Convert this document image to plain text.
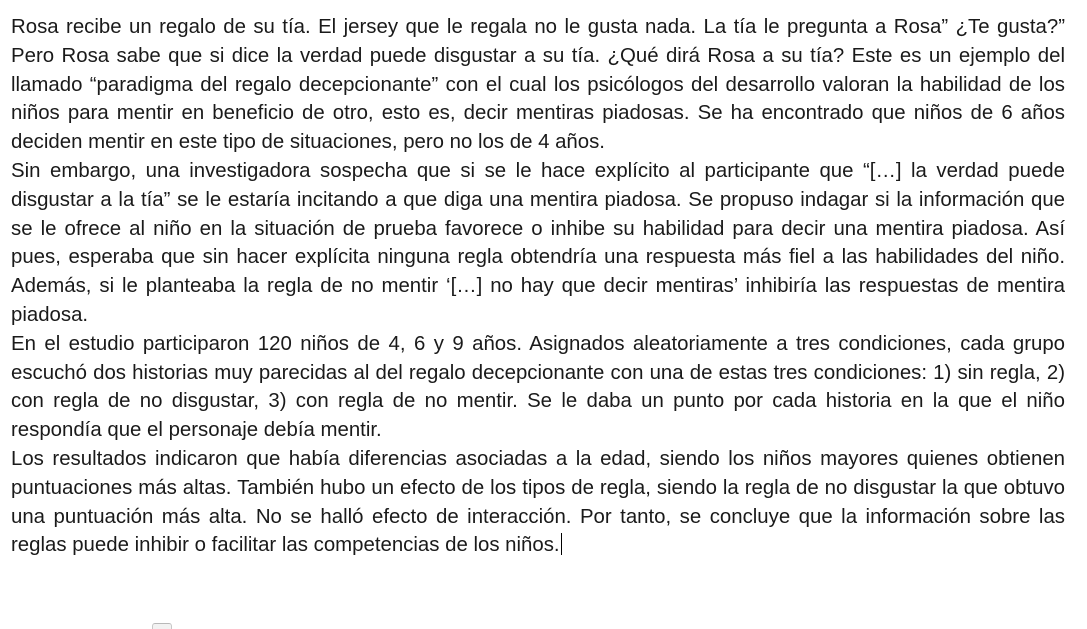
Rosa recibe un regalo de su tía. El jersey que le regala no le gusta nada. La tía le pregunta a Rosa” ¿Te gusta?” Pero Rosa sabe que si dice la verdad puede disgustar a su tía. ¿Qué dirá Rosa a su tía? Este es un ejemplo del llamado “paradigma del regalo decepcionante” con el cual los psicólogos del desarrollo valoran la habilidad de los niños para mentir en beneficio de otro, esto es, decir mentiras piadosas. Se ha encontrado que niños de 6 años deciden mentir en este tipo de situaciones, pero no los de 4 años.

Sin embargo, una investigadora sospecha que si se le hace explícito al participante que “[…] la verdad puede disgustar a la tía” se le estaría incitando a que diga una mentira piadosa. Se propuso indagar si la información que se le ofrece al niño en la situación de prueba favorece o inhibe su habilidad para decir una mentira piadosa. Así pues, esperaba que sin hacer explícita ninguna regla obtendría una respuesta más fiel a las habilidades del niño. Además, si le planteaba la regla de no mentir ‘[…] no hay que decir mentiras’ inhibiría las respuestas de mentira piadosa.

En el estudio participaron 120 niños de 4, 6 y 9 años. Asignados aleatoriamente a tres condiciones, cada grupo escuchó dos historias muy parecidas al del regalo decepcionante con una de estas tres condiciones: 1) sin regla, 2) con regla de no disgustar, 3) con regla de no mentir. Se le daba un punto por cada historia en la que el niño respondía que el personaje debía mentir.

Los resultados indicaron que había diferencias asociadas a la edad, siendo los niños mayores quienes obtienen puntuaciones más altas. También hubo un efecto de los tipos de regla, siendo la regla de no disgustar la que obtuvo una puntuación más alta. No se halló efecto de interacción. Por tanto, se concluye que la información sobre las reglas puede inhibir o facilitar las competencias de los niños.
